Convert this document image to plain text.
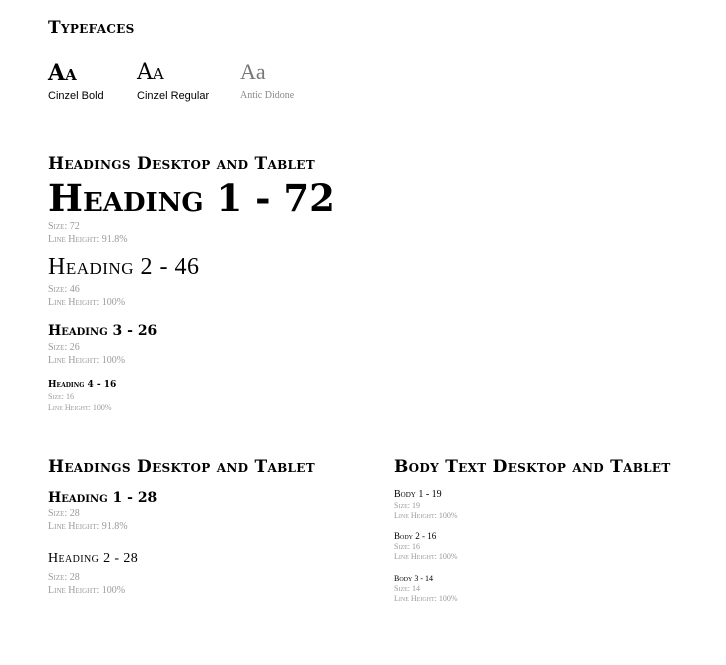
Typefaces
Aa
Cinzel Bold
Aa
Cinzel Regular
Aa
Antic Didone
Headings Desktop and Tablet
Heading 1 - 72
Size: 72
Line Height: 91.8%
Heading 2 - 46
Size: 46
Line Height: 100%
Heading 3 - 26
Size: 26
Line Height: 100%
Heading 4 - 16
Size: 16
Line Height: 100%
Headings Desktop and Tablet
Heading 1 - 28
Size: 28
Line Height: 91.8%
Heading 2 - 28
Size: 28
Line Height: 100%
Body Text Desktop and Tablet
Body 1 - 19
Size: 19
Line Height: 100%
Body 2 - 16
Size: 16
Line Height: 100%
Body 3 - 14
Size: 14
Line Height: 100%
